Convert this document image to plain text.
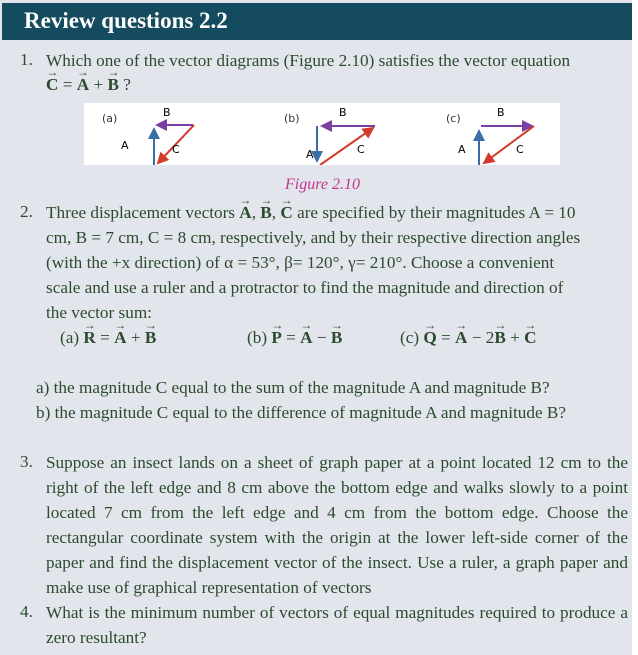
Review questions 2.2
1. Which one of the vector diagrams (Figure 2.10) satisfies the vector equation
→ C = → A + → B ?
(a)
A
B
C
(b)
A
B
C
(c)
A
B
C
Figure 2.10
2. Three displacement vectors → A, → B, → C are specified by their magnitudes A = 10
cm, B = 7 cm, C = 8 cm, respectively, and by their respective direction angles
(with the +x direction) of α = 53°, β= 120°, γ= 210°. Choose a convenient
scale and use a ruler and a protractor to find the magnitude and direction of
the vector sum:
(a) → R = → A + → B	(b) → P = → A − → B	(c) → Q = → A − 2→ B + → C
a) the magnitude C equal to the sum of the magnitude A and magnitude B?
b) the magnitude C equal to the difference of magnitude A and magnitude B?
3. Suppose an insect lands on a sheet of graph paper at a point located 12 cm to the right of the left edge and 8 cm above the bottom edge and walks slowly to a point located 7 cm from the left edge and 4 cm from the bottom edge. Choose the rectangular coordinate system with the origin at the lower left-side corner of the paper and find the displacement vector of the insect. Use a ruler, a graph paper and make use of graphical representation of vectors
4. What is the minimum number of vectors of equal magnitudes required to produce a zero resultant?
